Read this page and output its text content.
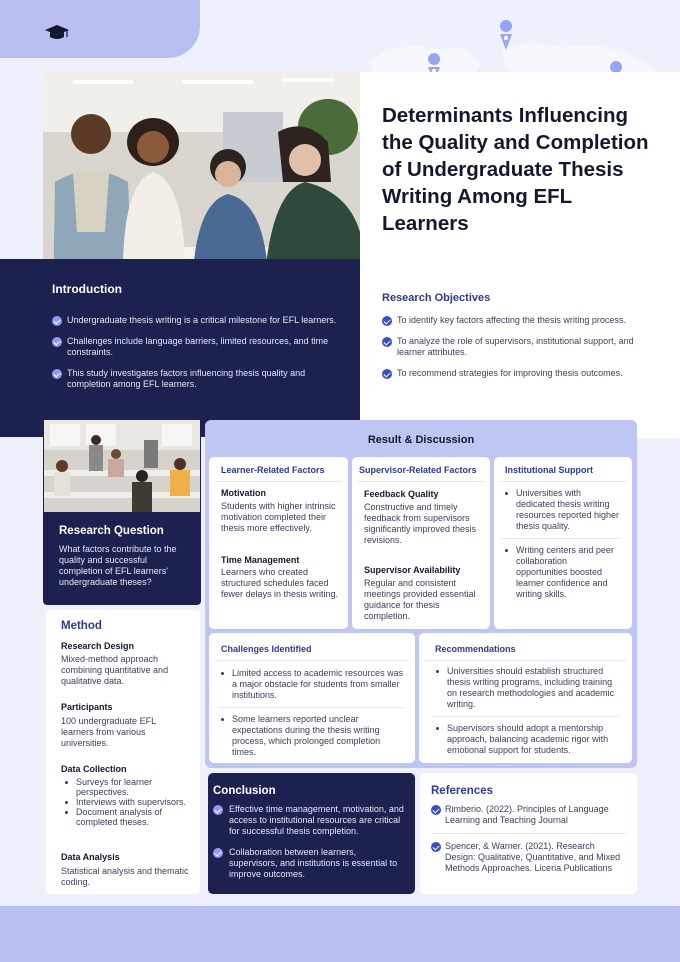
Determinants Influencing the Quality and Completion of Undergraduate Thesis Writing Among EFL Learners
Introduction
Undergraduate thesis writing is a critical milestone for EFL learners.
Challenges include language barriers, limited resources, and time constraints.
This study investigates factors influencing thesis quality and completion among EFL learners.
Research Objectives
To identify key factors affecting the thesis writing process.
To analyze the role of supervisors, institutional support, and learner attributes.
To recommend strategies for improving thesis outcomes.
Research Question

What factors contribute to the quality and successful completion of EFL learners' undergraduate theses?

Method
Research Design
Mixed-method approach combining quantitative and qualitative data.
Participants
100 undergraduate EFL learners from various universities.
Data Collection
Surveys for learner perspectives.
Interviews with supervisors.
Document analysis of completed theses.
Data Analysis
Statistical analysis and thematic coding.
Result & Discussion
Learner-Related Factors
Motivation
Students with higher intrinsic motivation completed their thesis more effectively.
Time Management
Learners who created structured schedules faced fewer delays in thesis writing.
Supervisor-Related Factors
Feedback Quality
Constructive and timely feedback from supervisors significantly improved thesis revisions.
Supervisor Availability
Regular and consistent meetings provided essential guidance for thesis completion.
Institutional Support
Universities with dedicated thesis writing resources reported higher thesis quality.
Writing centers and peer collaboration opportunities boosted learner confidence and writing skills.
Challenges Identified
Limited access to academic resources was a major obstacle for students from smaller institutions.
Some learners reported unclear expectations during the thesis writing process, which prolonged completion times.
Recommendations
Universities should establish structured thesis writing programs, including training on research methodologies and academic writing.
Supervisors should adopt a mentorship approach, balancing academic rigor with emotional support for students.
Conclusion
Effective time management, motivation, and access to institutional resources are critical for successful thesis completion.
Collaboration between learners, supervisors, and institutions is essential to improve outcomes.
References
Rimberio. (2022). Principles of Language Learning and Teaching Journal
Spencer, & Warner. (2021). Research Design: Qualitative, Quantitative, and Mixed Methods Approaches. Liceria Publications
